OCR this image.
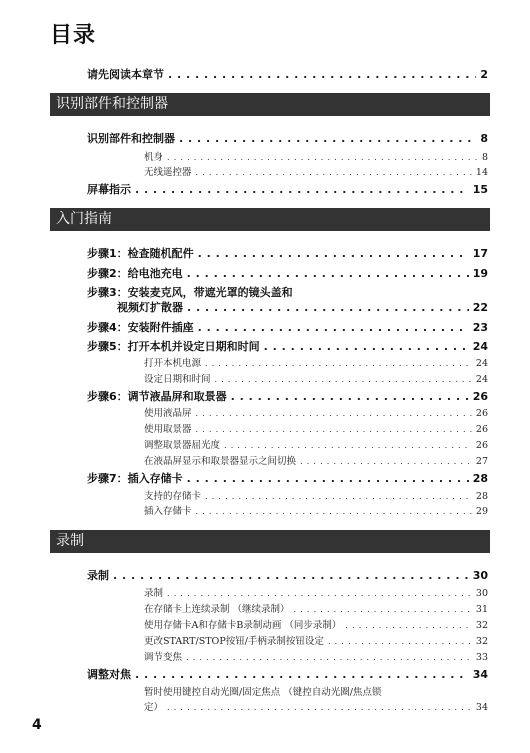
目录
请先阅读本章节 . . .	2
识别部件和控制器
识别部件和控制器 . . .	8
机身 . . .	8
无线遥控器 . . .	14
屏幕指示 . . .	15
入门指南
步骤1：检查随机配件 . . .	17
步骤2：给电池充电 . . .	19
步骤3：安装麦克风，带遮光罩的镜头盖和
视频灯扩散器 . . .	22
步骤4：安装附件插座 . . .	23
步骤5：打开本机并设定日期和时间 . . .	24
打开本机电源 . . .	24
设定日期和时间 . . .	24
步骤6：调节液晶屏和取景器 . . .	26
使用液晶屏 . . .	26
使用取景器 . . .	26
调整取景器屈光度 . . .	26
在液晶屏显示和取景器显示之间切换 . . .	27
步骤7：插入存储卡 . . .	28
支持的存储卡 . . .	28
插入存储卡 . . .	29
录制
录制 . . .	30
录制 . . .	30
在存储卡上连续录制 （继续录制） . . .	31
使用存储卡A和存储卡B录制动画 （同步录制） . . .	32
更改START/STOP按钮/手柄录制按钮设定 . . .	32
调节变焦 . . .	33
调整对焦 . . .	34
暂时使用键控自动光圈/固定焦点 （键控自动光圈/焦点锁
定） . . .	34
4
